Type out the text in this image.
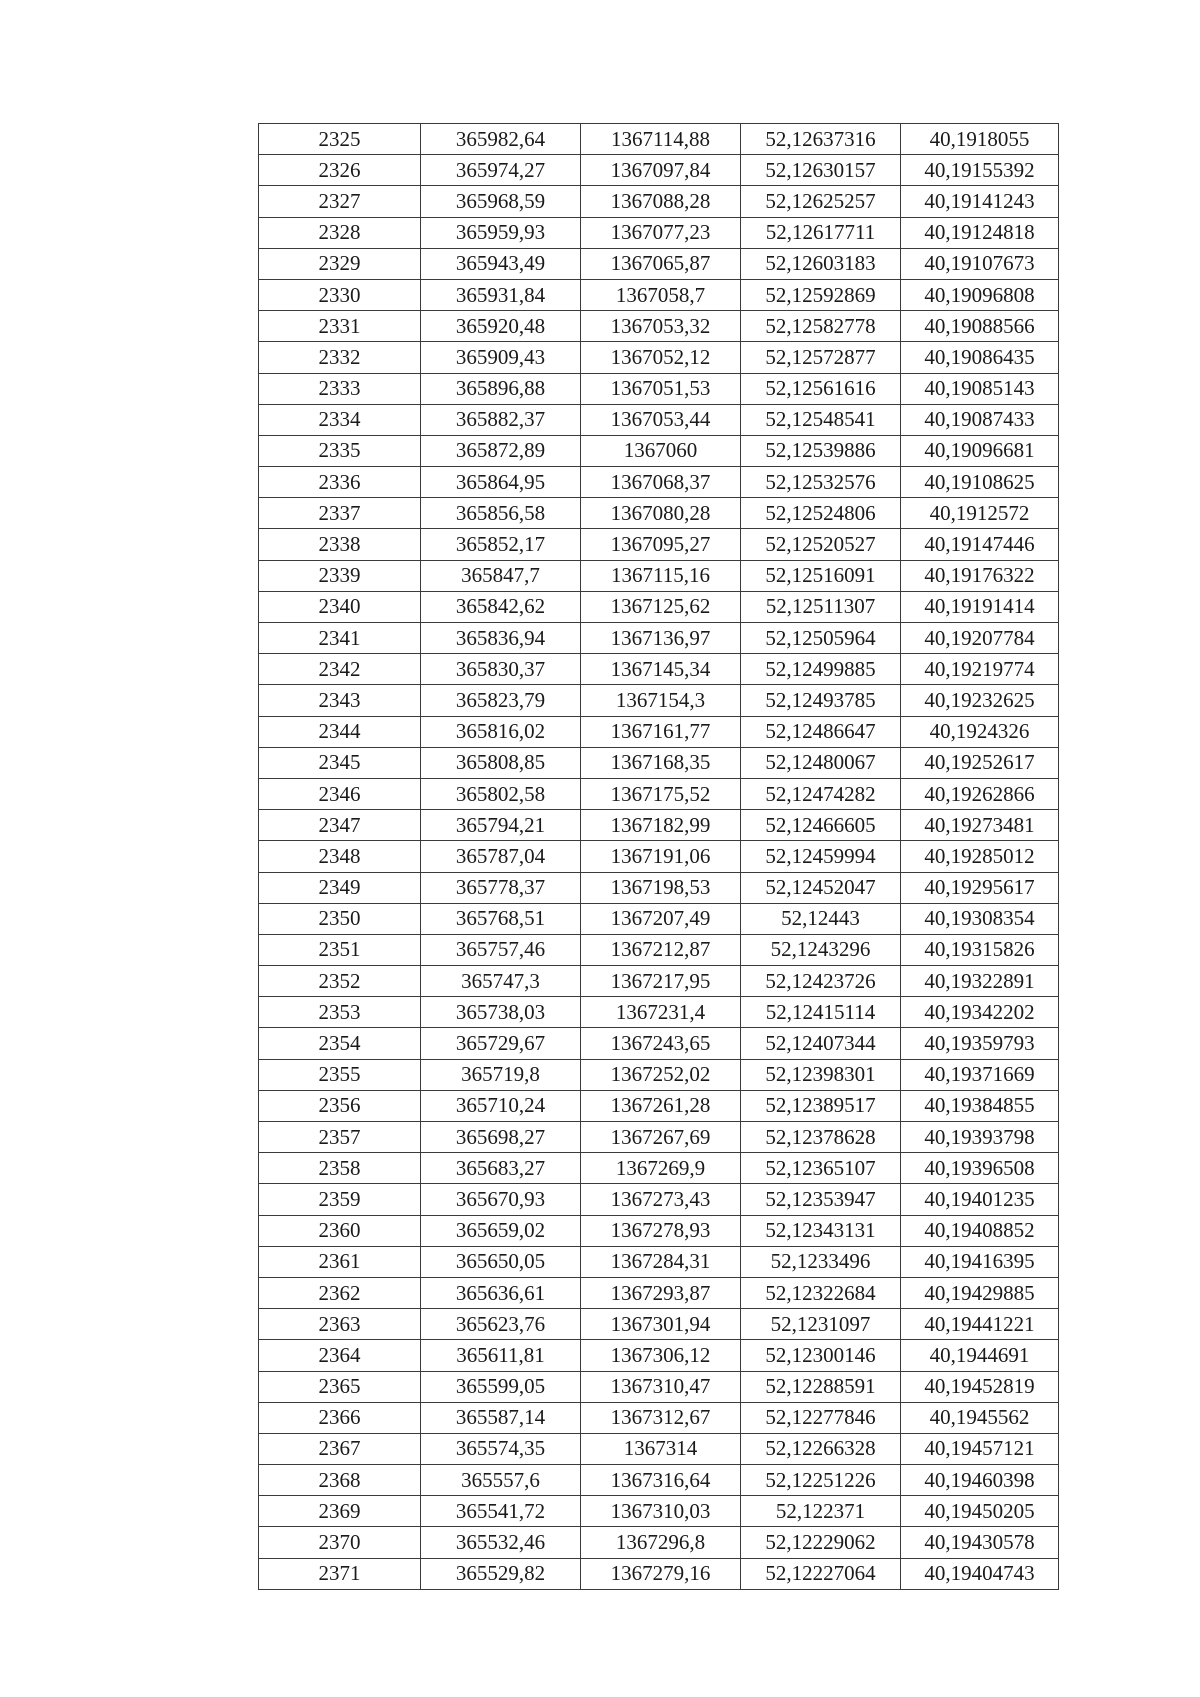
2325	365982,64	1367114,88	52,12637316	40,1918055
2326	365974,27	1367097,84	52,12630157	40,19155392
2327	365968,59	1367088,28	52,12625257	40,19141243
2328	365959,93	1367077,23	52,12617711	40,19124818
2329	365943,49	1367065,87	52,12603183	40,19107673
2330	365931,84	1367058,7	52,12592869	40,19096808
2331	365920,48	1367053,32	52,12582778	40,19088566
2332	365909,43	1367052,12	52,12572877	40,19086435
2333	365896,88	1367051,53	52,12561616	40,19085143
2334	365882,37	1367053,44	52,12548541	40,19087433
2335	365872,89	1367060	52,12539886	40,19096681
2336	365864,95	1367068,37	52,12532576	40,19108625
2337	365856,58	1367080,28	52,12524806	40,1912572
2338	365852,17	1367095,27	52,12520527	40,19147446
2339	365847,7	1367115,16	52,12516091	40,19176322
2340	365842,62	1367125,62	52,12511307	40,19191414
2341	365836,94	1367136,97	52,12505964	40,19207784
2342	365830,37	1367145,34	52,12499885	40,19219774
2343	365823,79	1367154,3	52,12493785	40,19232625
2344	365816,02	1367161,77	52,12486647	40,1924326
2345	365808,85	1367168,35	52,12480067	40,19252617
2346	365802,58	1367175,52	52,12474282	40,19262866
2347	365794,21	1367182,99	52,12466605	40,19273481
2348	365787,04	1367191,06	52,12459994	40,19285012
2349	365778,37	1367198,53	52,12452047	40,19295617
2350	365768,51	1367207,49	52,12443	40,19308354
2351	365757,46	1367212,87	52,1243296	40,19315826
2352	365747,3	1367217,95	52,12423726	40,19322891
2353	365738,03	1367231,4	52,12415114	40,19342202
2354	365729,67	1367243,65	52,12407344	40,19359793
2355	365719,8	1367252,02	52,12398301	40,19371669
2356	365710,24	1367261,28	52,12389517	40,19384855
2357	365698,27	1367267,69	52,12378628	40,19393798
2358	365683,27	1367269,9	52,12365107	40,19396508
2359	365670,93	1367273,43	52,12353947	40,19401235
2360	365659,02	1367278,93	52,12343131	40,19408852
2361	365650,05	1367284,31	52,1233496	40,19416395
2362	365636,61	1367293,87	52,12322684	40,19429885
2363	365623,76	1367301,94	52,1231097	40,19441221
2364	365611,81	1367306,12	52,12300146	40,1944691
2365	365599,05	1367310,47	52,12288591	40,19452819
2366	365587,14	1367312,67	52,12277846	40,1945562
2367	365574,35	1367314	52,12266328	40,19457121
2368	365557,6	1367316,64	52,12251226	40,19460398
2369	365541,72	1367310,03	52,122371	40,19450205
2370	365532,46	1367296,8	52,12229062	40,19430578
2371	365529,82	1367279,16	52,12227064	40,19404743
